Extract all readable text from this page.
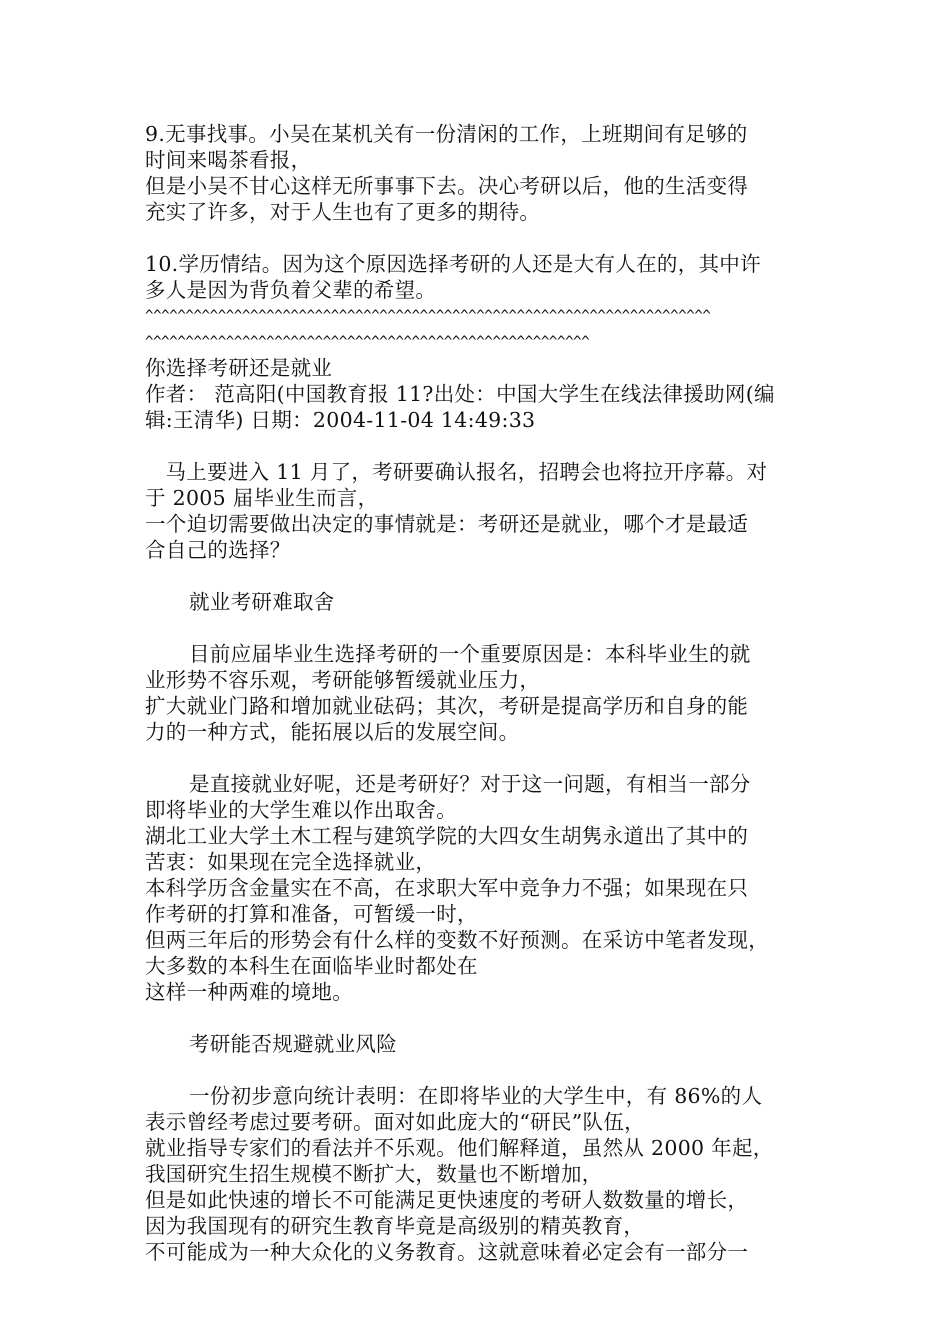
9.无事找事。小吴在某机关有一份清闲的工作，上班期间有足够的
时间来喝茶看报，
但是小吴不甘心这样无所事事下去。决心考研以后，他的生活变得
充实了许多，对于人生也有了更多的期待。
10.学历情结。因为这个原因选择考研的人还是大有人在的，其中许
多人是因为背负着父辈的希望。
^^^^^^^^^^^^^^^^^^^^^^^^^^^^^^^^^^^^^^^^^^^^^^^^^^^^^^^^^^^^^^^^^^^^^^
^^^^^^^^^^^^^^^^^^^^^^^^^^^^^^^^^^^^^^^^^^^^^^^^^^^^^^^
你选择考研还是就业
作者： 范高阳(中国教育报 11?出处：中国大学生在线法律援助网(编
辑:王清华) 日期：2004-11-04 14:49:33
马上要进入 11 月了，考研要确认报名，招聘会也将拉开序幕。对
于 2005 届毕业生而言，
一个迫切需要做出决定的事情就是：考研还是就业，哪个才是最适
合自己的选择？
就业考研难取舍
目前应届毕业生选择考研的一个重要原因是：本科毕业生的就
业形势不容乐观，考研能够暂缓就业压力，
扩大就业门路和增加就业砝码；其次，考研是提高学历和自身的能
力的一种方式，能拓展以后的发展空间。
是直接就业好呢，还是考研好？对于这一问题，有相当一部分
即将毕业的大学生难以作出取舍。
湖北工业大学土木工程与建筑学院的大四女生胡隽永道出了其中的
苦衷：如果现在完全选择就业，
本科学历含金量实在不高，在求职大军中竞争力不强；如果现在只
作考研的打算和准备，可暂缓一时，
但两三年后的形势会有什么样的变数不好预测。在采访中笔者发现，
大多数的本科生在面临毕业时都处在
这样一种两难的境地。
考研能否规避就业风险
一份初步意向统计表明：在即将毕业的大学生中，有 86%的人
表示曾经考虑过要考研。面对如此庞大的“研民”队伍，
就业指导专家们的看法并不乐观。他们解释道，虽然从 2000 年起，
我国研究生招生规模不断扩大，数量也不断增加，
但是如此快速的增长不可能满足更快速度的考研人数数量的增长，
因为我国现有的研究生教育毕竟是高级别的精英教育，
不可能成为一种大众化的义务教育。这就意味着必定会有一部分一
